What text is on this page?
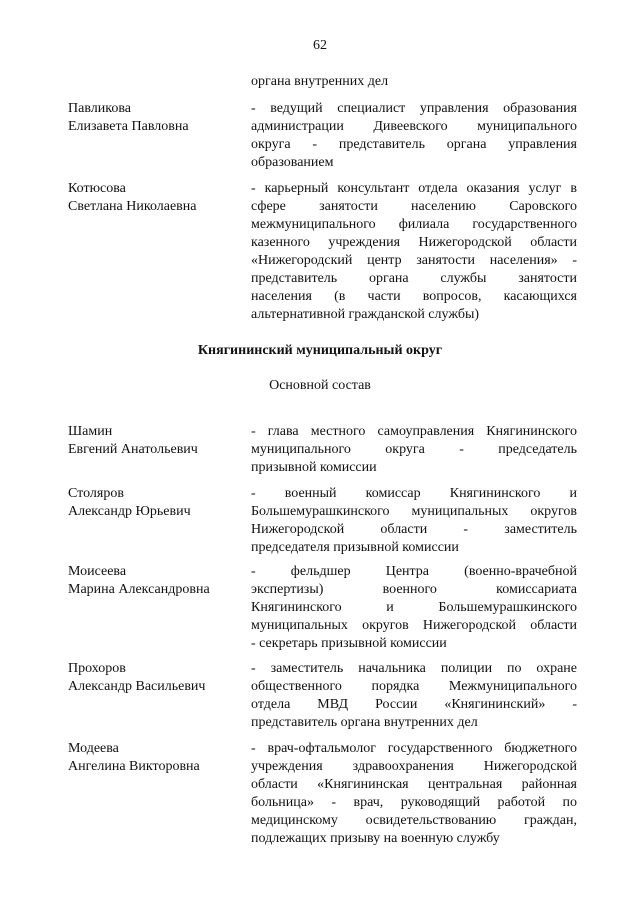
62
органа внутренних дел
Павликова
Елизавета Павловна
- ведущий специалист управления образования
администрации Дивеевского муниципального
округа - представитель органа управления
образованием
Котюсова
Светлана Николаевна
- карьерный консультант отдела оказания услуг в
сфере занятости населению Саровского
межмуниципального филиала государственного
казенного учреждения Нижегородской области
«Нижегородский центр занятости населения» -
представитель органа службы занятости
населения (в части вопросов, касающихся
альтернативной гражданской службы)
Княгининский муниципальный округ
Основной состав
Шамин
Евгений Анатольевич
- глава местного самоуправления Княгининского
муниципального округа - председатель
призывной комиссии
Столяров
Александр Юрьевич
- военный комиссар Княгининского и
Большемурашкинского муниципальных округов
Нижегородской области - заместитель
председателя призывной комиссии
Моисеева
Марина Александровна
- фельдшер Центра (военно-врачебной
экспертизы) военного комиссариата
Княгининского и Большемурашкинского
муниципальных округов Нижегородской области
- секретарь призывной комиссии
Прохоров
Александр Васильевич
- заместитель начальника полиции по охране
общественного порядка Межмуниципального
отдела МВД России «Княгининский» -
представитель органа внутренних дел
Модеева
Ангелина Викторовна
- врач-офтальмолог государственного бюджетного
учреждения здравоохранения Нижегородской
области «Княгининская центральная районная
больница» - врач, руководящий работой по
медицинскому освидетельствованию граждан,
подлежащих призыву на военную службу
